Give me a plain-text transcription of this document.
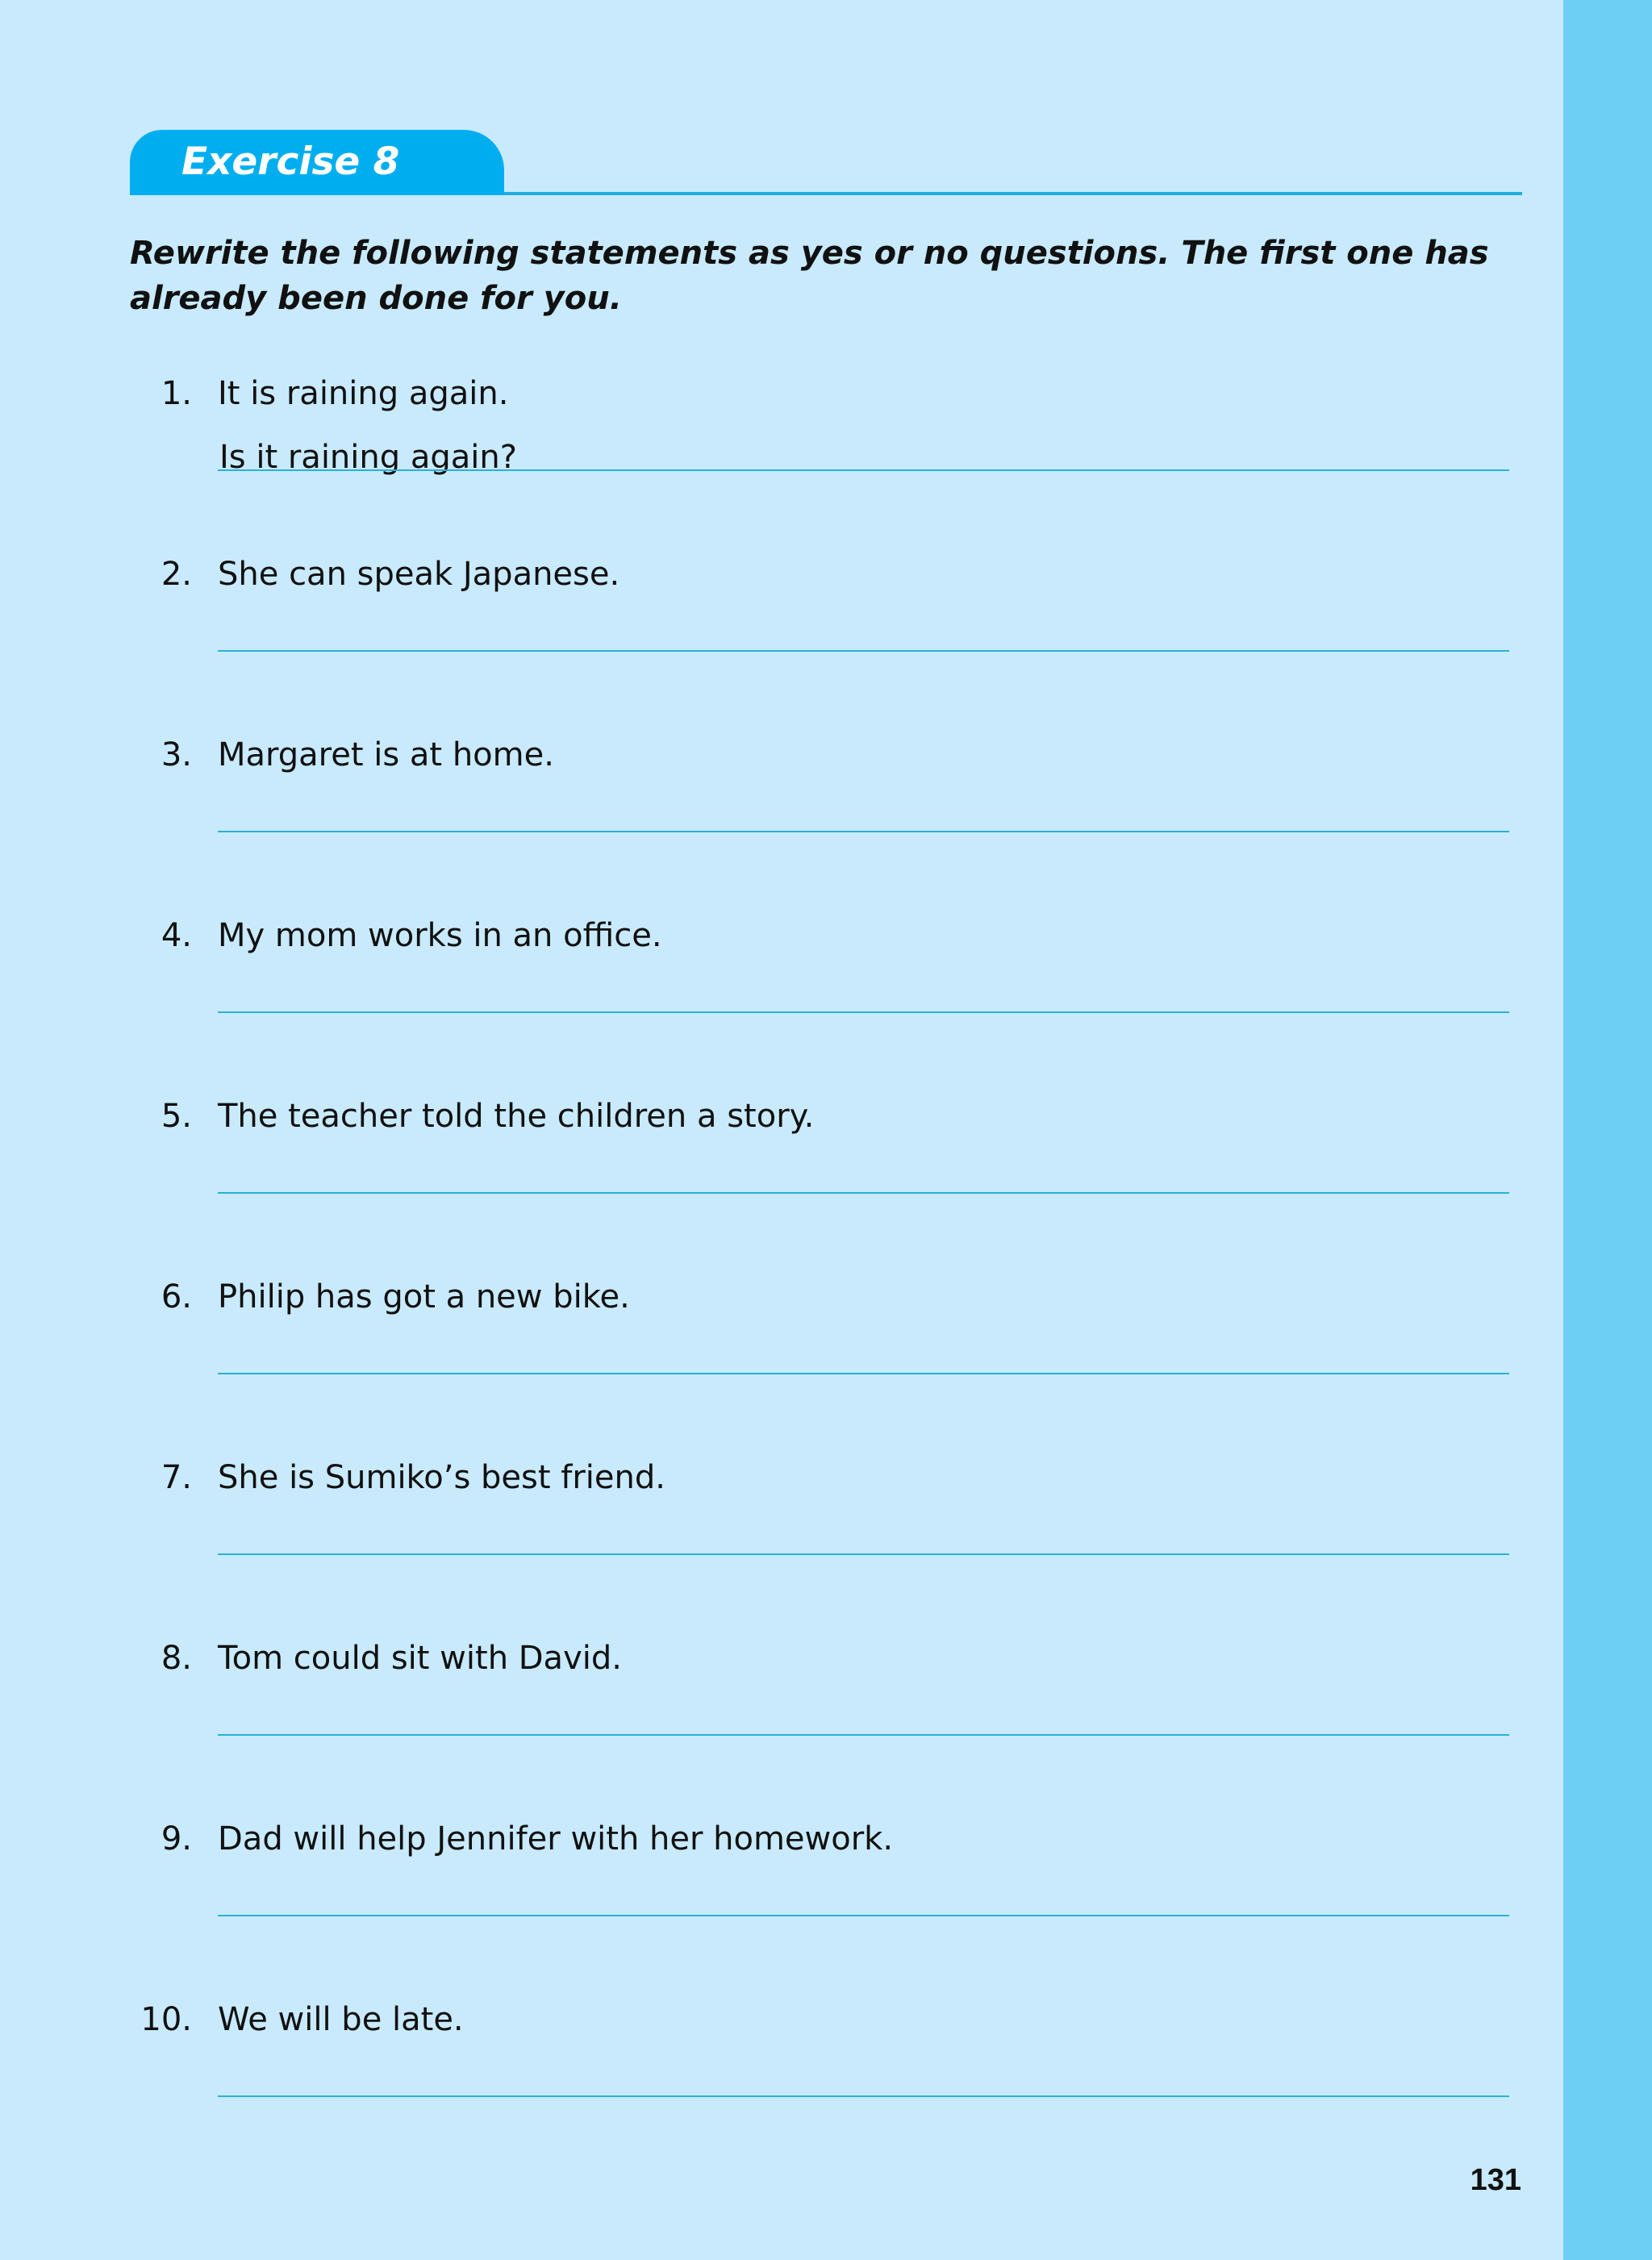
Exercise 8
Rewrite the following statements as yes or no questions. The first one has already been done for you.
1. It is raining again.
Is it raining again?
2. She can speak Japanese.
3. Margaret is at home.
4. My mom works in an office.
5. The teacher told the children a story.
6. Philip has got a new bike.
7. She is Sumiko’s best friend.
8. Tom could sit with David.
9. Dad will help Jennifer with her homework.
10. We will be late.
131
